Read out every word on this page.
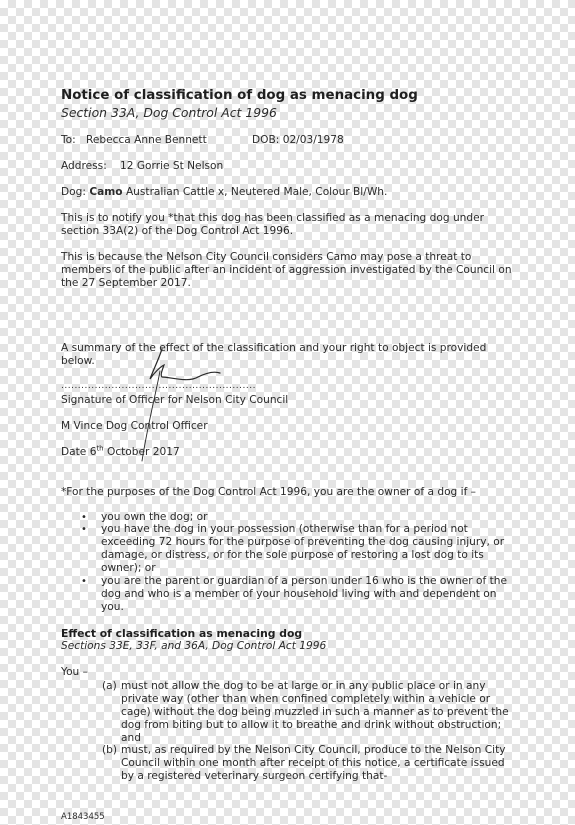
Notice of classification of dog as menacing dog
Section 33A, Dog Control Act 1996
To: Rebecca Anne Bennett	DOB: 02/03/1978
Address: 12 Gorrie St Nelson
Dog: Camo Australian Cattle x, Neutered Male, Colour Bl/Wh.
This is to notify you *that this dog has been classified as a menacing dog under
section 33A(2) of the Dog Control Act 1996.
This is because the Nelson City Council considers Camo may pose a threat to
members of the public after an incident of aggression investigated by the Council on
the 27 September 2017.
A summary of the effect of the classification and your right to object is provided
below.
..........................................................
Signature of Officer for Nelson City Council
M Vince Dog Control Officer
Date 6th October 2017
*For the purposes of the Dog Control Act 1996, you are the owner of a dog if –
• you own the dog; or
• you have the dog in your possession (otherwise than for a period not
exceeding 72 hours for the purpose of preventing the dog causing injury, or
damage, or distress, or for the sole purpose of restoring a lost dog to its
owner); or
• you are the parent or guardian of a person under 16 who is the owner of the
dog and who is a member of your household living with and dependent on
you.
Effect of classification as menacing dog
Sections 33E, 33F, and 36A, Dog Control Act 1996
You –
(a) must not allow the dog to be at large or in any public place or in any
private way (other than when confined completely within a vehicle or
cage) without the dog being muzzled in such a manner as to prevent the
dog from biting but to allow it to breathe and drink without obstruction;
and
(b) must, as required by the Nelson City Council, produce to the Nelson City
Council within one month after receipt of this notice, a certificate issued
by a registered veterinary surgeon certifying that-
A1843455
